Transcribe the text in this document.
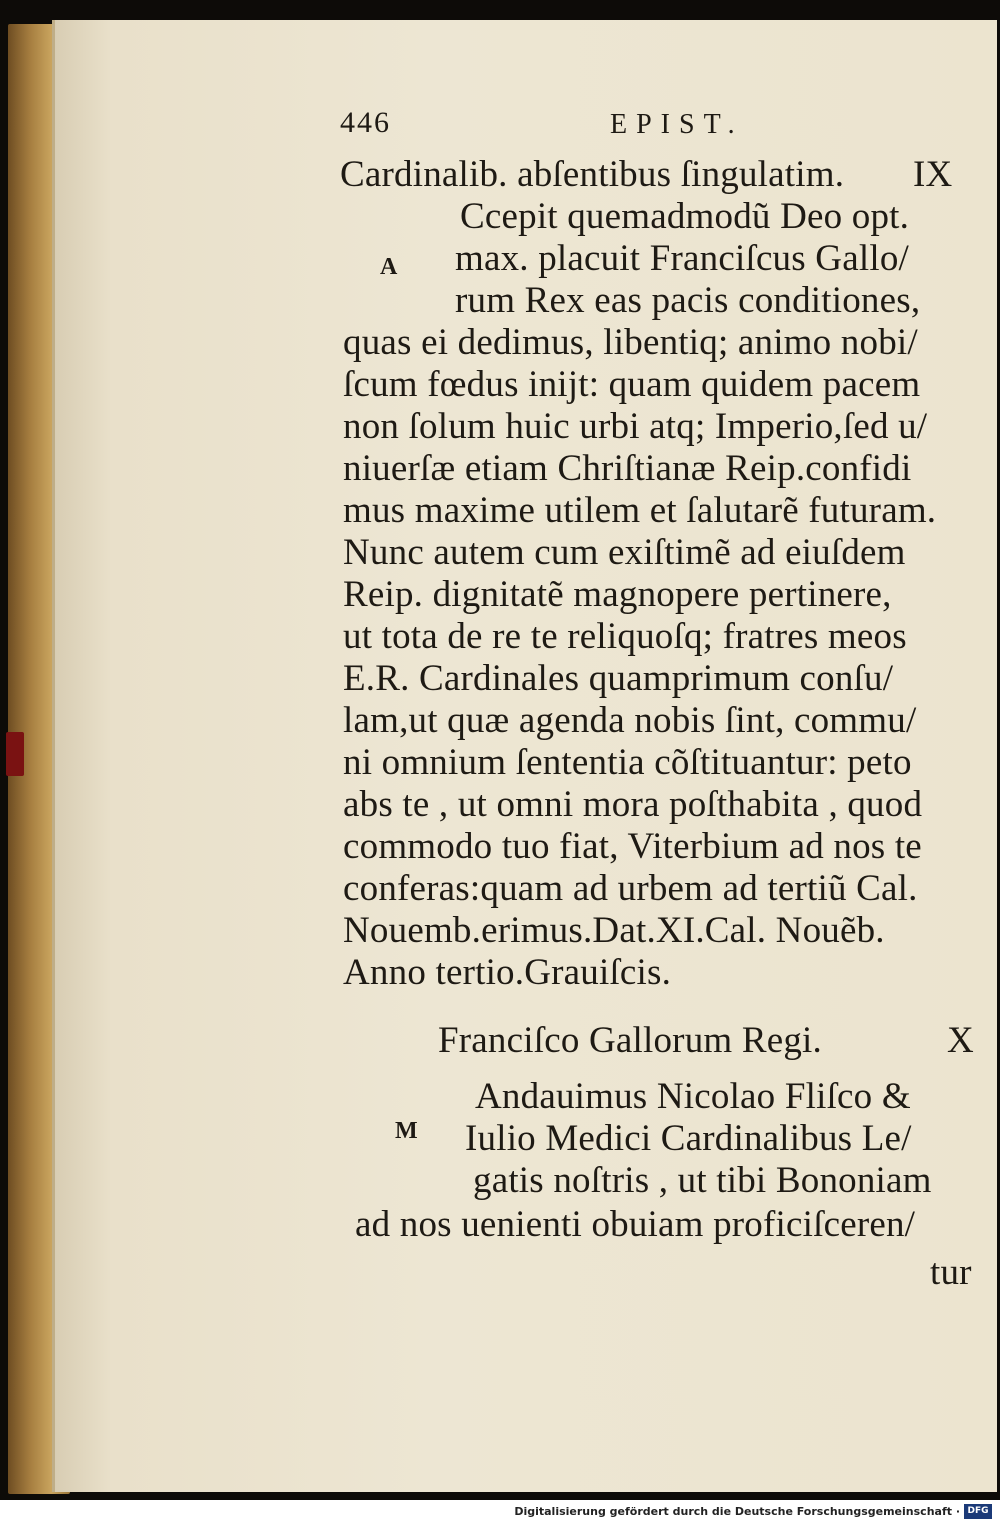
446	EPIST.
Cardinalib. abſentibus ſingulatim. IX
A
Ccepit quemadmodũ Deo opt.
max. placuit Franciſcus Gallo/
rum Rex eas pacis conditiones,
quas ei dedimus, libentiq; animo nobi/
ſcum fœdus inijt: quam quidem pacem
non ſolum huic urbi atq; Imperio,ſed u/
niuerſæ etiam Chriſtianæ Reip.confidi
mus maxime utilem et ſalutarẽ futuram.
Nunc autem cum exiſtimẽ ad eiuſdem
Reip. dignitatẽ magnopere pertinere,
ut tota de re te reliquoſq; fratres meos
E.R. Cardinales quamprimum conſu/
lam,ut quæ agenda nobis ſint, commu/
ni omnium ſententia cõſtituantur: peto
abs te , ut omni mora poſthabita , quod
commodo tuo fiat, Viterbium ad nos te
conferas:quam ad urbem ad tertiũ Cal.
Nouemb.erimus.Dat.XI.Cal. Nouẽb.
Anno tertio.Grauiſcis.
Franciſco Gallorum Regi.	X
M
Andauimus Nicolao Fliſco &
Iulio Medici Cardinalibus Le/
gatis noſtris , ut tibi Bononiam
ad nos uenienti obuiam proficiſceren/
tur
Digitalisierung gefördert durch die Deutsche Forschungsgemeinschaft · DFG
